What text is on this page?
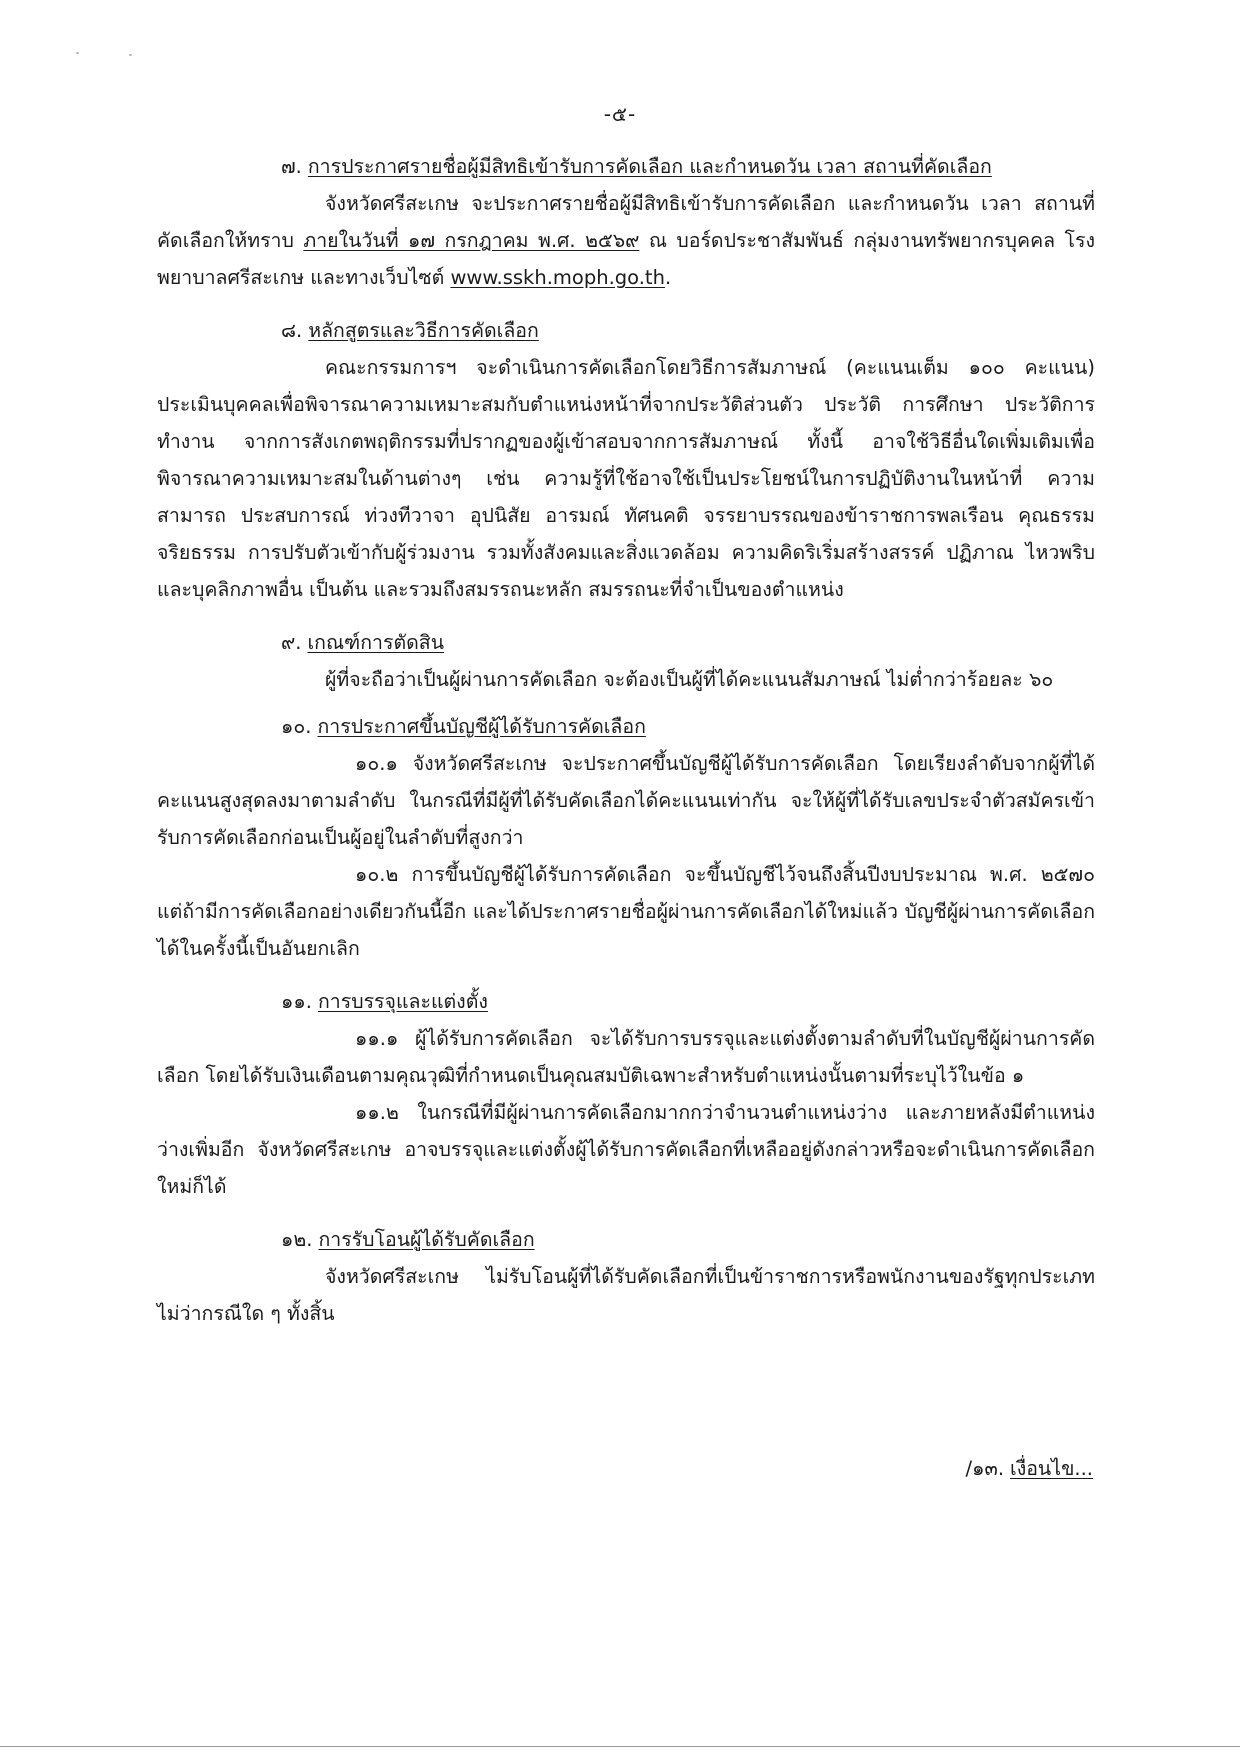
-๕-

๗. การประกาศรายชื่อผู้มีสิทธิเข้ารับการคัดเลือก และกำหนดวัน เวลา สถานที่คัดเลือก

จังหวัดศรีสะเกษ จะประกาศรายชื่อผู้มีสิทธิเข้ารับการคัดเลือก และกำหนดวัน เวลา สถานที่คัดเลือกให้ทราบ ภายในวันที่ ๑๗ กรกฎาคม พ.ศ. ๒๕๖๙ ณ บอร์ดประชาสัมพันธ์ กลุ่มงานทรัพยากรบุคคล โรงพยาบาลศรีสะเกษ และทางเว็บไซต์ www.sskh.moph.go.th.

๘. หลักสูตรและวิธีการคัดเลือก

คณะกรรมการฯ จะดำเนินการคัดเลือกโดยวิธีการสัมภาษณ์ (คะแนนเต็ม ๑๐๐ คะแนน) ประเมินบุคคลเพื่อพิจารณาความเหมาะสมกับตำแหน่งหน้าที่จากประวัติส่วนตัว ประวัติ การศึกษา ประวัติการทำงาน จากการสังเกตพฤติกรรมที่ปรากฏของผู้เข้าสอบจากการสัมภาษณ์ ทั้งนี้ อาจใช้วิธีอื่นใดเพิ่มเติมเพื่อพิจารณาความเหมาะสมในด้านต่างๆ เช่น ความรู้ที่ใช้อาจใช้เป็นประโยชน์ในการปฏิบัติงานในหน้าที่ ความสามารถ ประสบการณ์ ท่วงทีวาจา อุปนิสัย อารมณ์ ทัศนคติ จรรยาบรรณของข้าราชการพลเรือน คุณธรรม จริยธรรม การปรับตัวเข้ากับผู้ร่วมงาน รวมทั้งสังคมและสิ่งแวดล้อม ความคิดริเริ่มสร้างสรรค์ ปฏิภาณ ไหวพริบและบุคลิกภาพอื่น เป็นต้น และรวมถึงสมรรถนะหลัก สมรรถนะที่จำเป็นของตำแหน่ง

๙. เกณฑ์การตัดสิน

ผู้ที่จะถือว่าเป็นผู้ผ่านการคัดเลือก จะต้องเป็นผู้ที่ได้คะแนนสัมภาษณ์ ไม่ต่ำกว่าร้อยละ ๖๐

๑๐. การประกาศขึ้นบัญชีผู้ได้รับการคัดเลือก

๑๐.๑ จังหวัดศรีสะเกษ จะประกาศขึ้นบัญชีผู้ได้รับการคัดเลือก โดยเรียงลำดับจากผู้ที่ได้คะแนนสูงสุดลงมาตามลำดับ ในกรณีที่มีผู้ที่ได้รับคัดเลือกได้คะแนนเท่ากัน จะให้ผู้ที่ได้รับเลขประจำตัวสมัครเข้ารับการคัดเลือกก่อนเป็นผู้อยู่ในลำดับที่สูงกว่า

๑๐.๒ การขึ้นบัญชีผู้ได้รับการคัดเลือก จะขึ้นบัญชีไว้จนถึงสิ้นปีงบประมาณ พ.ศ. ๒๕๗๐ แต่ถ้ามีการคัดเลือกอย่างเดียวกันนี้อีก และได้ประกาศรายชื่อผู้ผ่านการคัดเลือกได้ใหม่แล้ว บัญชีผู้ผ่านการคัดเลือกได้ในครั้งนี้เป็นอันยกเลิก

๑๑. การบรรจุและแต่งตั้ง

๑๑.๑ ผู้ได้รับการคัดเลือก จะได้รับการบรรจุและแต่งตั้งตามลำดับที่ในบัญชีผู้ผ่านการคัดเลือก โดยได้รับเงินเดือนตามคุณวุฒิที่กำหนดเป็นคุณสมบัติเฉพาะสำหรับตำแหน่งนั้นตามที่ระบุไว้ในข้อ ๑

๑๑.๒ ในกรณีที่มีผู้ผ่านการคัดเลือกมากกว่าจำนวนตำแหน่งว่าง และภายหลังมีตำแหน่งว่างเพิ่มอีก จังหวัดศรีสะเกษ อาจบรรจุและแต่งตั้งผู้ได้รับการคัดเลือกที่เหลืออยู่ดังกล่าวหรือจะดำเนินการคัดเลือกใหม่ก็ได้

๑๒. การรับโอนผู้ได้รับคัดเลือก

จังหวัดศรีสะเกษ ไม่รับโอนผู้ที่ได้รับคัดเลือกที่เป็นข้าราชการหรือพนักงานของรัฐทุกประเภทไม่ว่ากรณีใด ๆ ทั้งสิ้น

/๑๓. เงื่อนไข...
